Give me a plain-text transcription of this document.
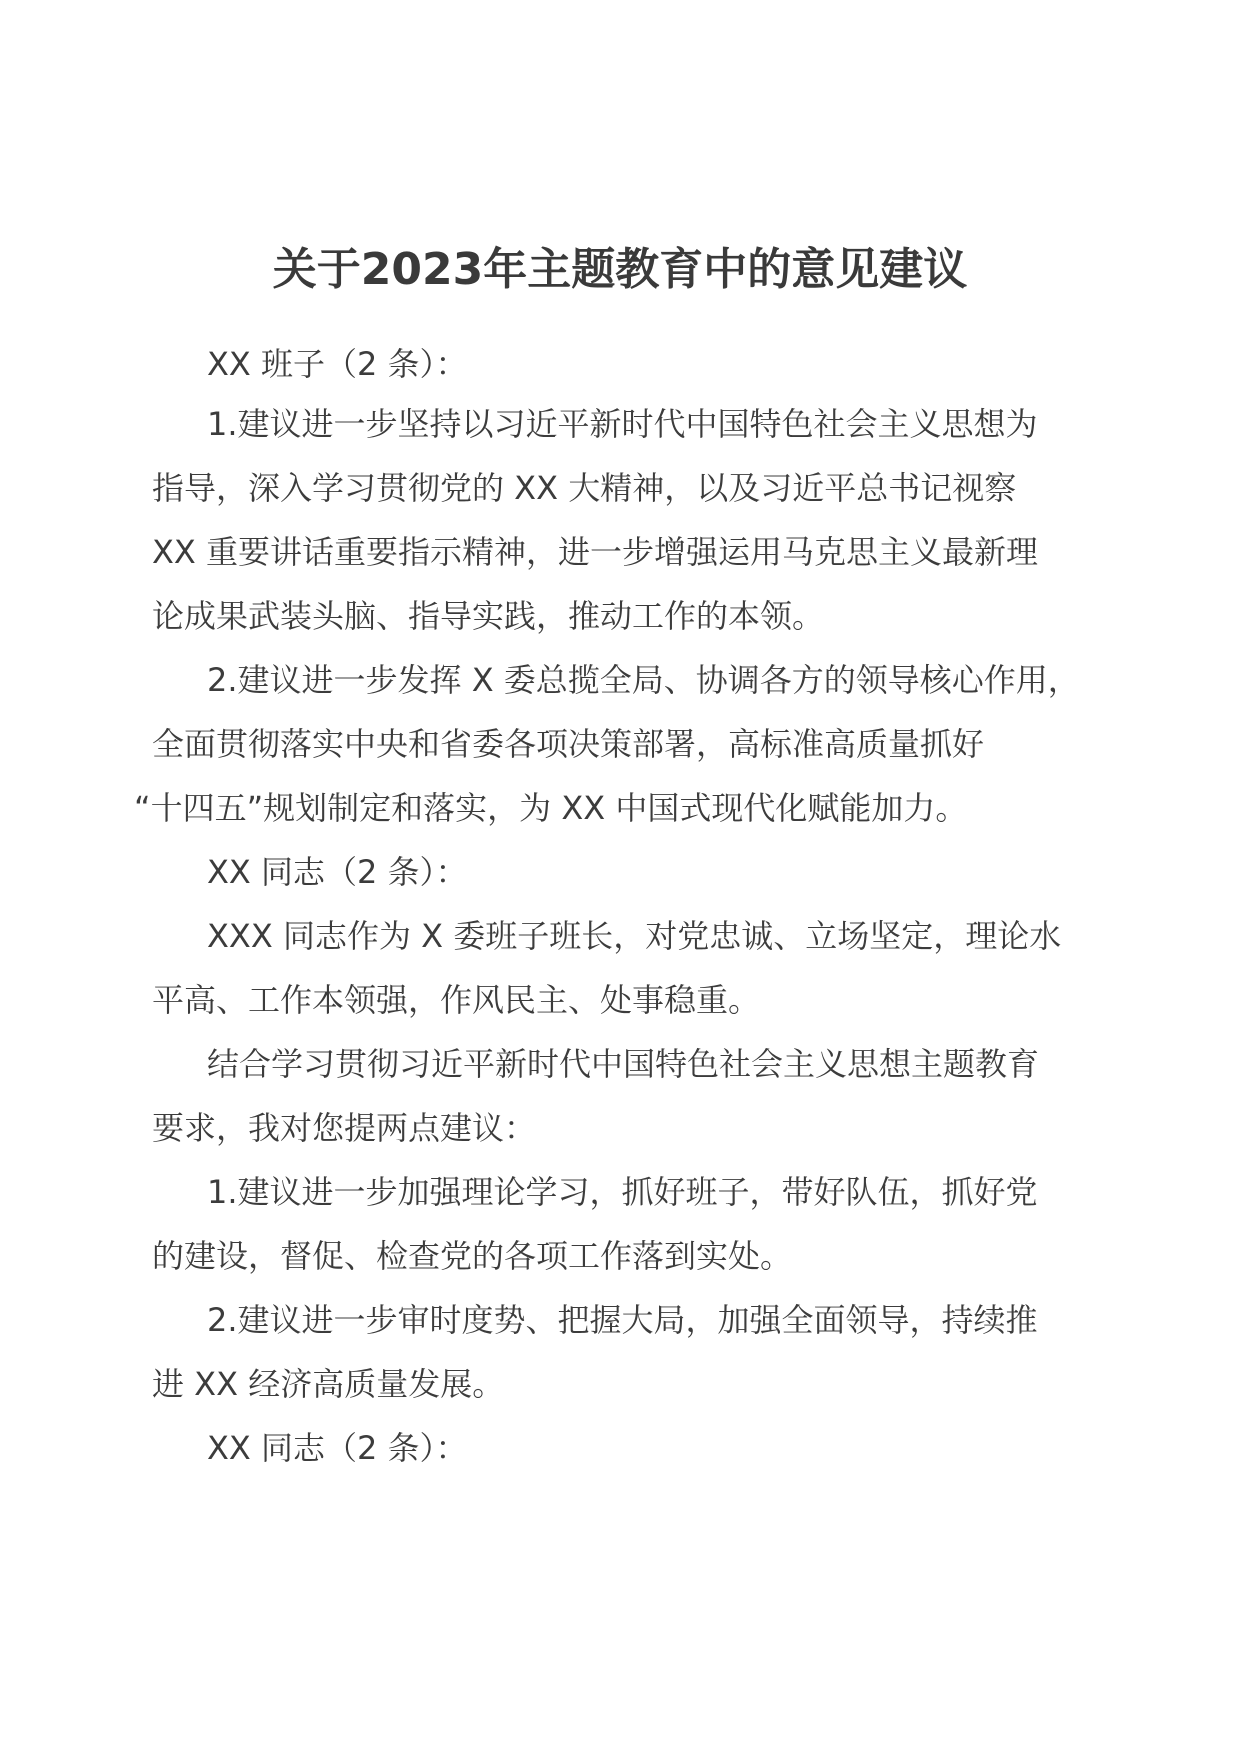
关于2023年主题教育中的意见建议
XX 班子（2 条）：
1.建议进一步坚持以习近平新时代中国特色社会主义思想为
指导，深入学习贯彻党的 XX 大精神，以及习近平总书记视察
XX 重要讲话重要指示精神，进一步增强运用马克思主义最新理
论成果武装头脑、指导实践，推动工作的本领。
2.建议进一步发挥 X 委总揽全局、协调各方的领导核心作用，
全面贯彻落实中央和省委各项决策部署，高标准高质量抓好
“十四五”规划制定和落实，为 XX 中国式现代化赋能加力。
XX 同志（2 条）：
XXX 同志作为 X 委班子班长，对党忠诚、立场坚定，理论水
平高、工作本领强，作风民主、处事稳重。
结合学习贯彻习近平新时代中国特色社会主义思想主题教育
要求，我对您提两点建议：
1.建议进一步加强理论学习，抓好班子，带好队伍，抓好党
的建设，督促、检查党的各项工作落到实处。
2.建议进一步审时度势、把握大局，加强全面领导，持续推
进 XX 经济高质量发展。
XX 同志（2 条）：
